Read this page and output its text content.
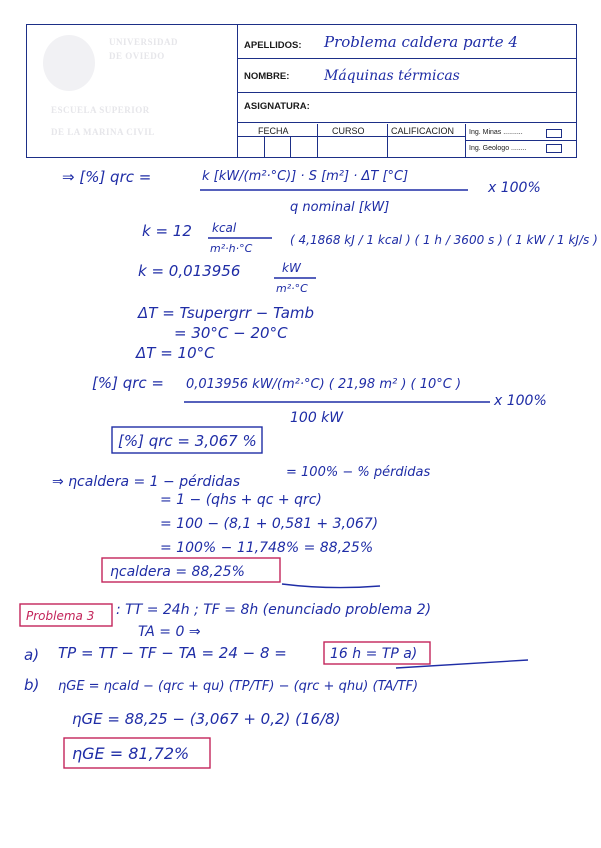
UNIVERSIDAD
DE OVIEDO
ESCUELA SUPERIOR
DE LA MARINA CIVIL
APELLIDOS: Problema caldera parte 4
NOMBRE: Máquinas térmicas
ASIGNATURA:
FECHA	CURSO	CALIFICACION Ing. Minas ..........
Ing. Geologo ........
⇒ [%] qrc =	k [kW/(m²·°C)] · S [m²] · ΔT [°C]
q nominal [kW]
x 100%
k = 12 kcal
m²·h·°C
( 4,1868 kJ / 1 kcal ) ( 1 h / 3600 s ) ( 1 kW / 1 kJ/s )
k = 0,013956	kW
m²·°C
ΔT = Tsupergrr − Tamb
= 30°C − 20°C
ΔT = 10°C
[%] qrc = 0,013956 kW/(m²·°C) ( 21,98 m² ) ( 10°C )
100 kW
x 100%
[%] qrc = 3,067 %
⇒ ηcaldera = 1 − pérdidas
= 100% − % pérdidas
= 1 − (qhs + qc + qrc)
= 100 − (8,1 + 0,581 + 3,067)
= 100% − 11,748% = 88,25%
ηcaldera = 88,25%
Problema 3 : TT = 24h ; TF = 8h (enunciado problema 2)
TA = 0 ⇒
a) TP = TT − TF − TA = 24 − 8 =	16 h = TP a)
b) ηGE = ηcald − (qrc + qu) (TP/TF) − (qrc + qhu) (TA/TF)
ηGE = 88,25 − (3,067 + 0,2) (16/8)
ηGE = 81,72%
